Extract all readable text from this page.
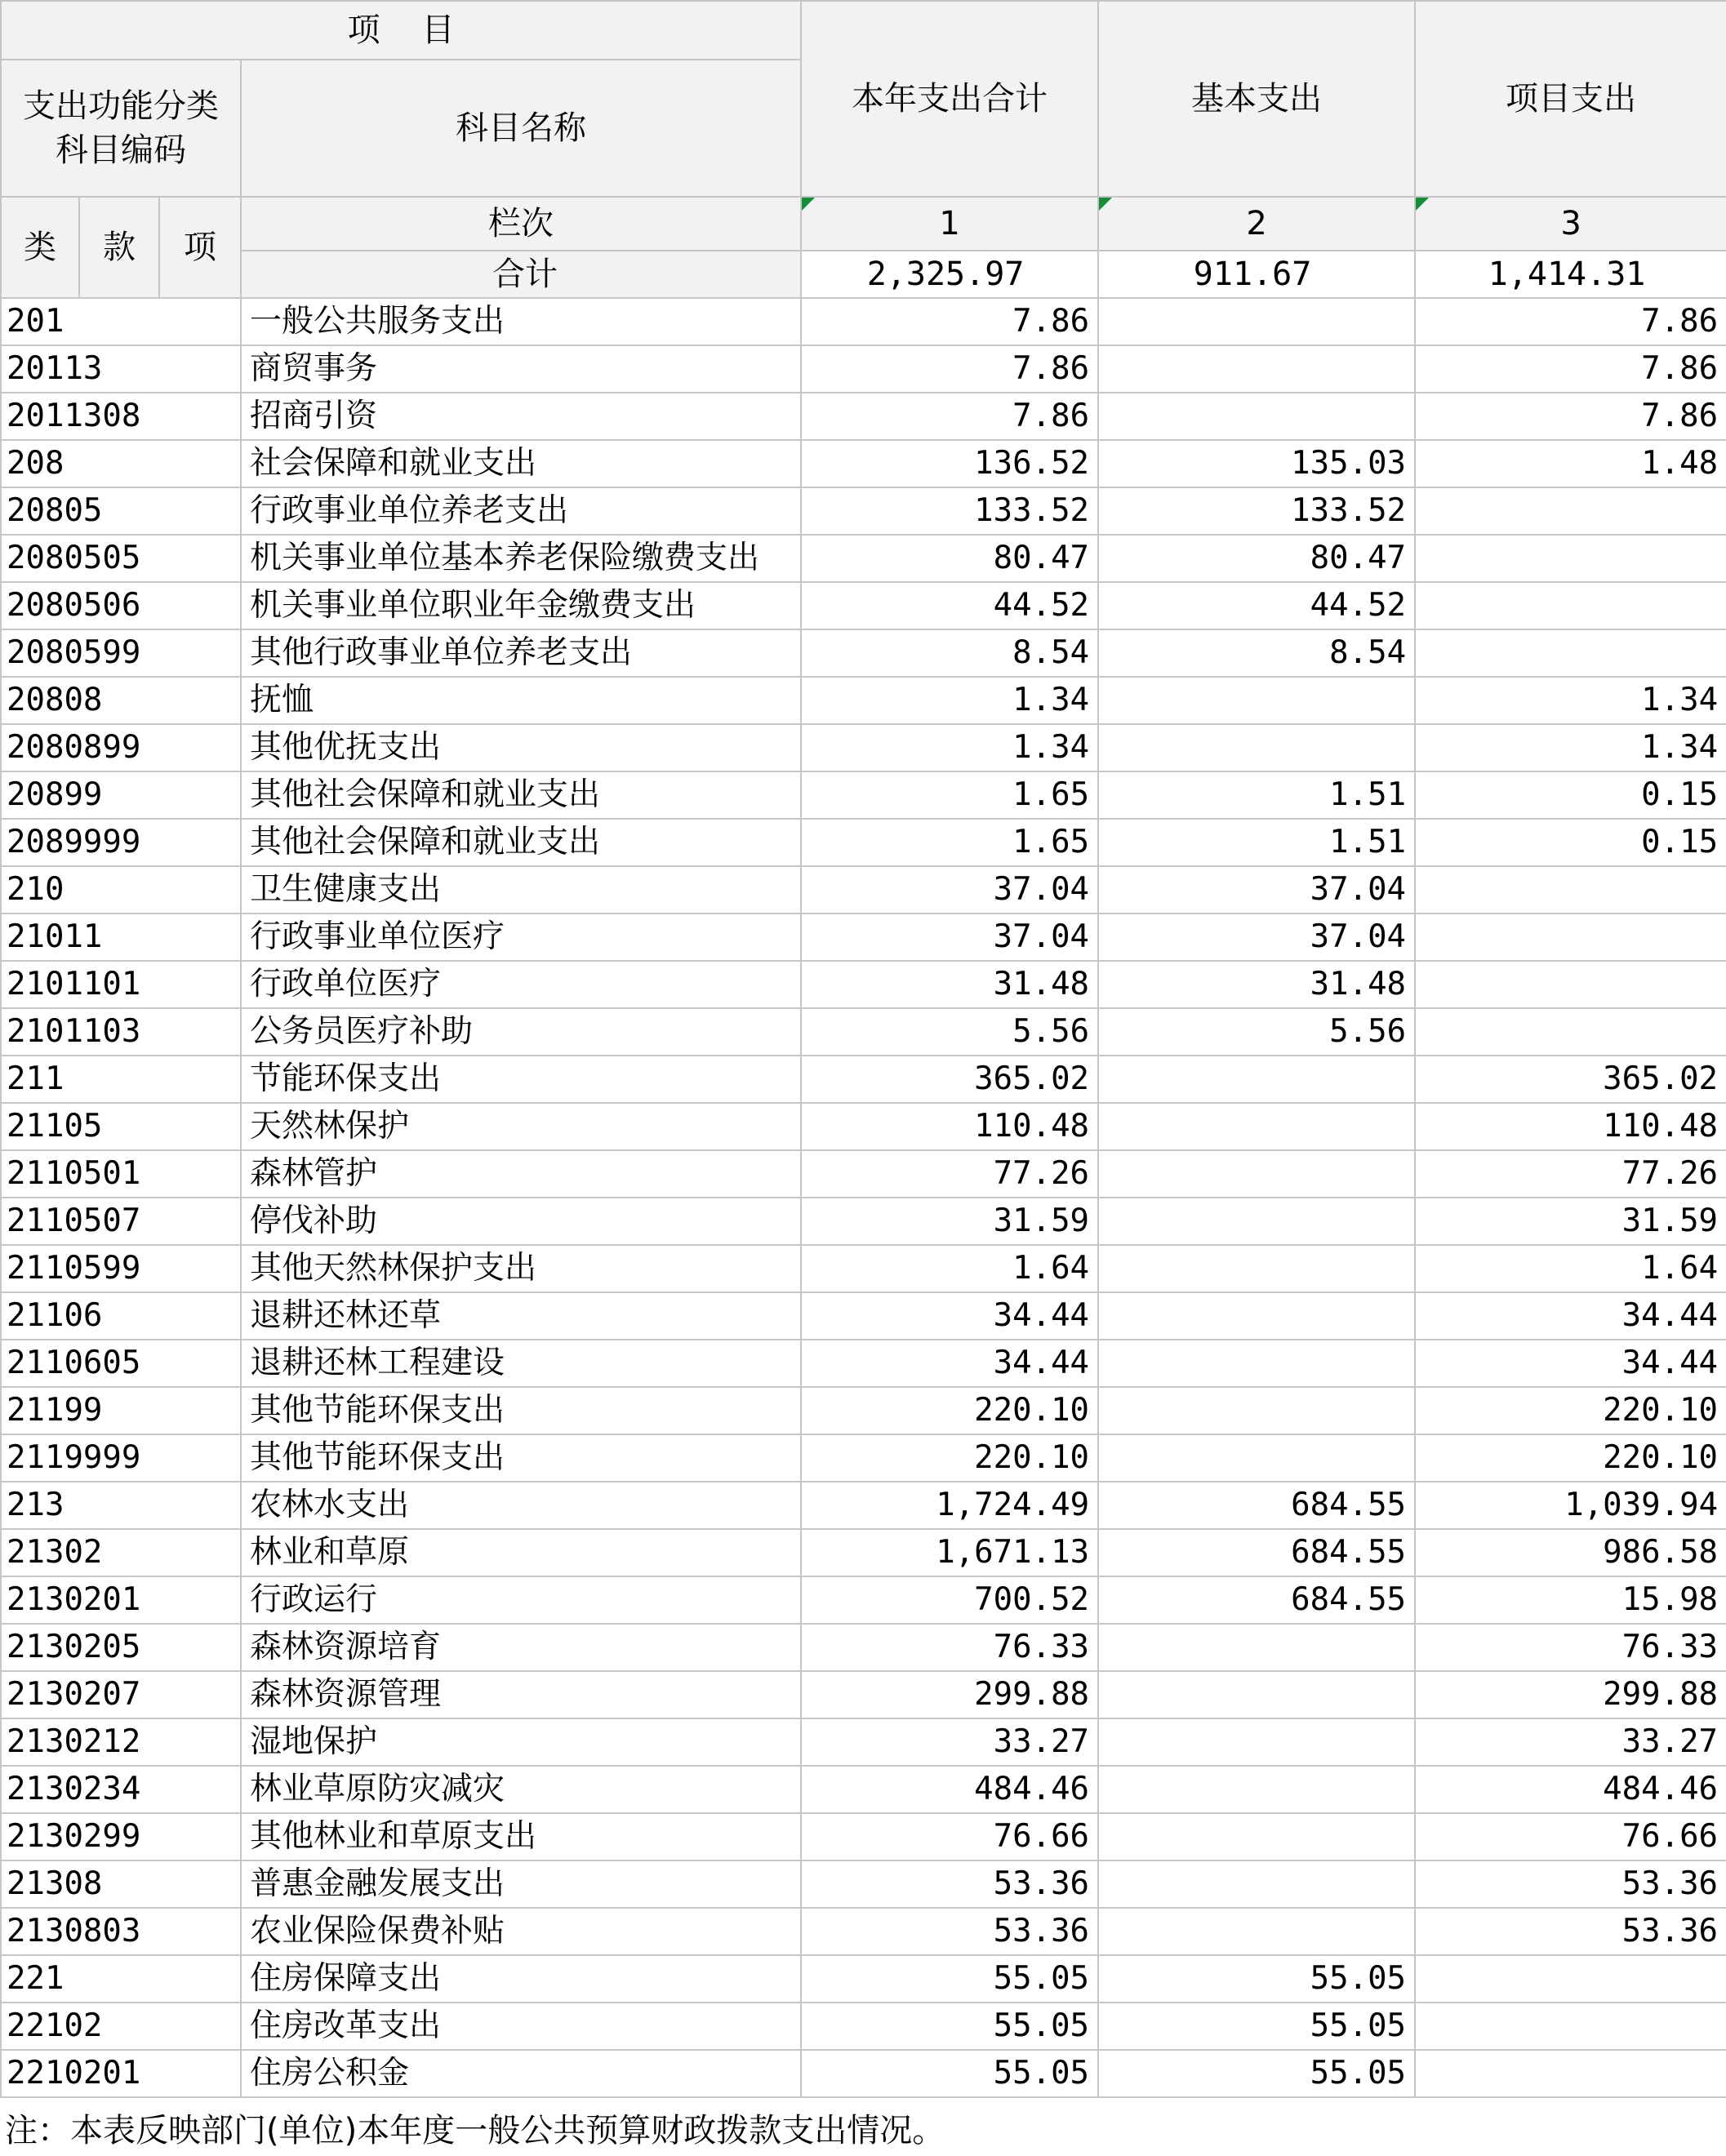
项    目				本年支出合计	基本支出	项目支出
支出功能分类
科目编码			科目名称			
类	款	项	栏次	1	2	3
			合计	2,325.97	911.67	1,414.31
201			一般公共服务支出	7.86		7.86
20113			商贸事务	7.86		7.86
2011308			招商引资	7.86		7.86
208			社会保障和就业支出	136.52	135.03	1.48
20805			行政事业单位养老支出	133.52	133.52	
2080505			机关事业单位基本养老保险缴费支出	80.47	80.47	
2080506			机关事业单位职业年金缴费支出	44.52	44.52	
2080599			其他行政事业单位养老支出	8.54	8.54	
20808			抚恤	1.34		1.34
2080899			其他优抚支出	1.34		1.34
20899			其他社会保障和就业支出	1.65	1.51	0.15
2089999			其他社会保障和就业支出	1.65	1.51	0.15
210			卫生健康支出	37.04	37.04	
21011			行政事业单位医疗	37.04	37.04	
2101101			行政单位医疗	31.48	31.48	
2101103			公务员医疗补助	5.56	5.56	
211			节能环保支出	365.02		365.02
21105			天然林保护	110.48		110.48
2110501			森林管护	77.26		77.26
2110507			停伐补助	31.59		31.59
2110599			其他天然林保护支出	1.64		1.64
21106			退耕还林还草	34.44		34.44
2110605			退耕还林工程建设	34.44		34.44
21199			其他节能环保支出	220.10		220.10
2119999			其他节能环保支出	220.10		220.10
213			农林水支出	1,724.49	684.55	1,039.94
21302			林业和草原	1,671.13	684.55	986.58
2130201			行政运行	700.52	684.55	15.98
2130205			森林资源培育	76.33		76.33
2130207			森林资源管理	299.88		299.88
2130212			湿地保护	33.27		33.27
2130234			林业草原防灾减灾	484.46		484.46
2130299			其他林业和草原支出	76.66		76.66
21308			普惠金融发展支出	53.36		53.36
2130803			农业保险保费补贴	53.36		53.36
221			住房保障支出	55.05	55.05	
22102			住房改革支出	55.05	55.05	
2210201			住房公积金	55.05	55.05	
注：本表反映部门(单位)本年度一般公共预算财政拨款支出情况。
